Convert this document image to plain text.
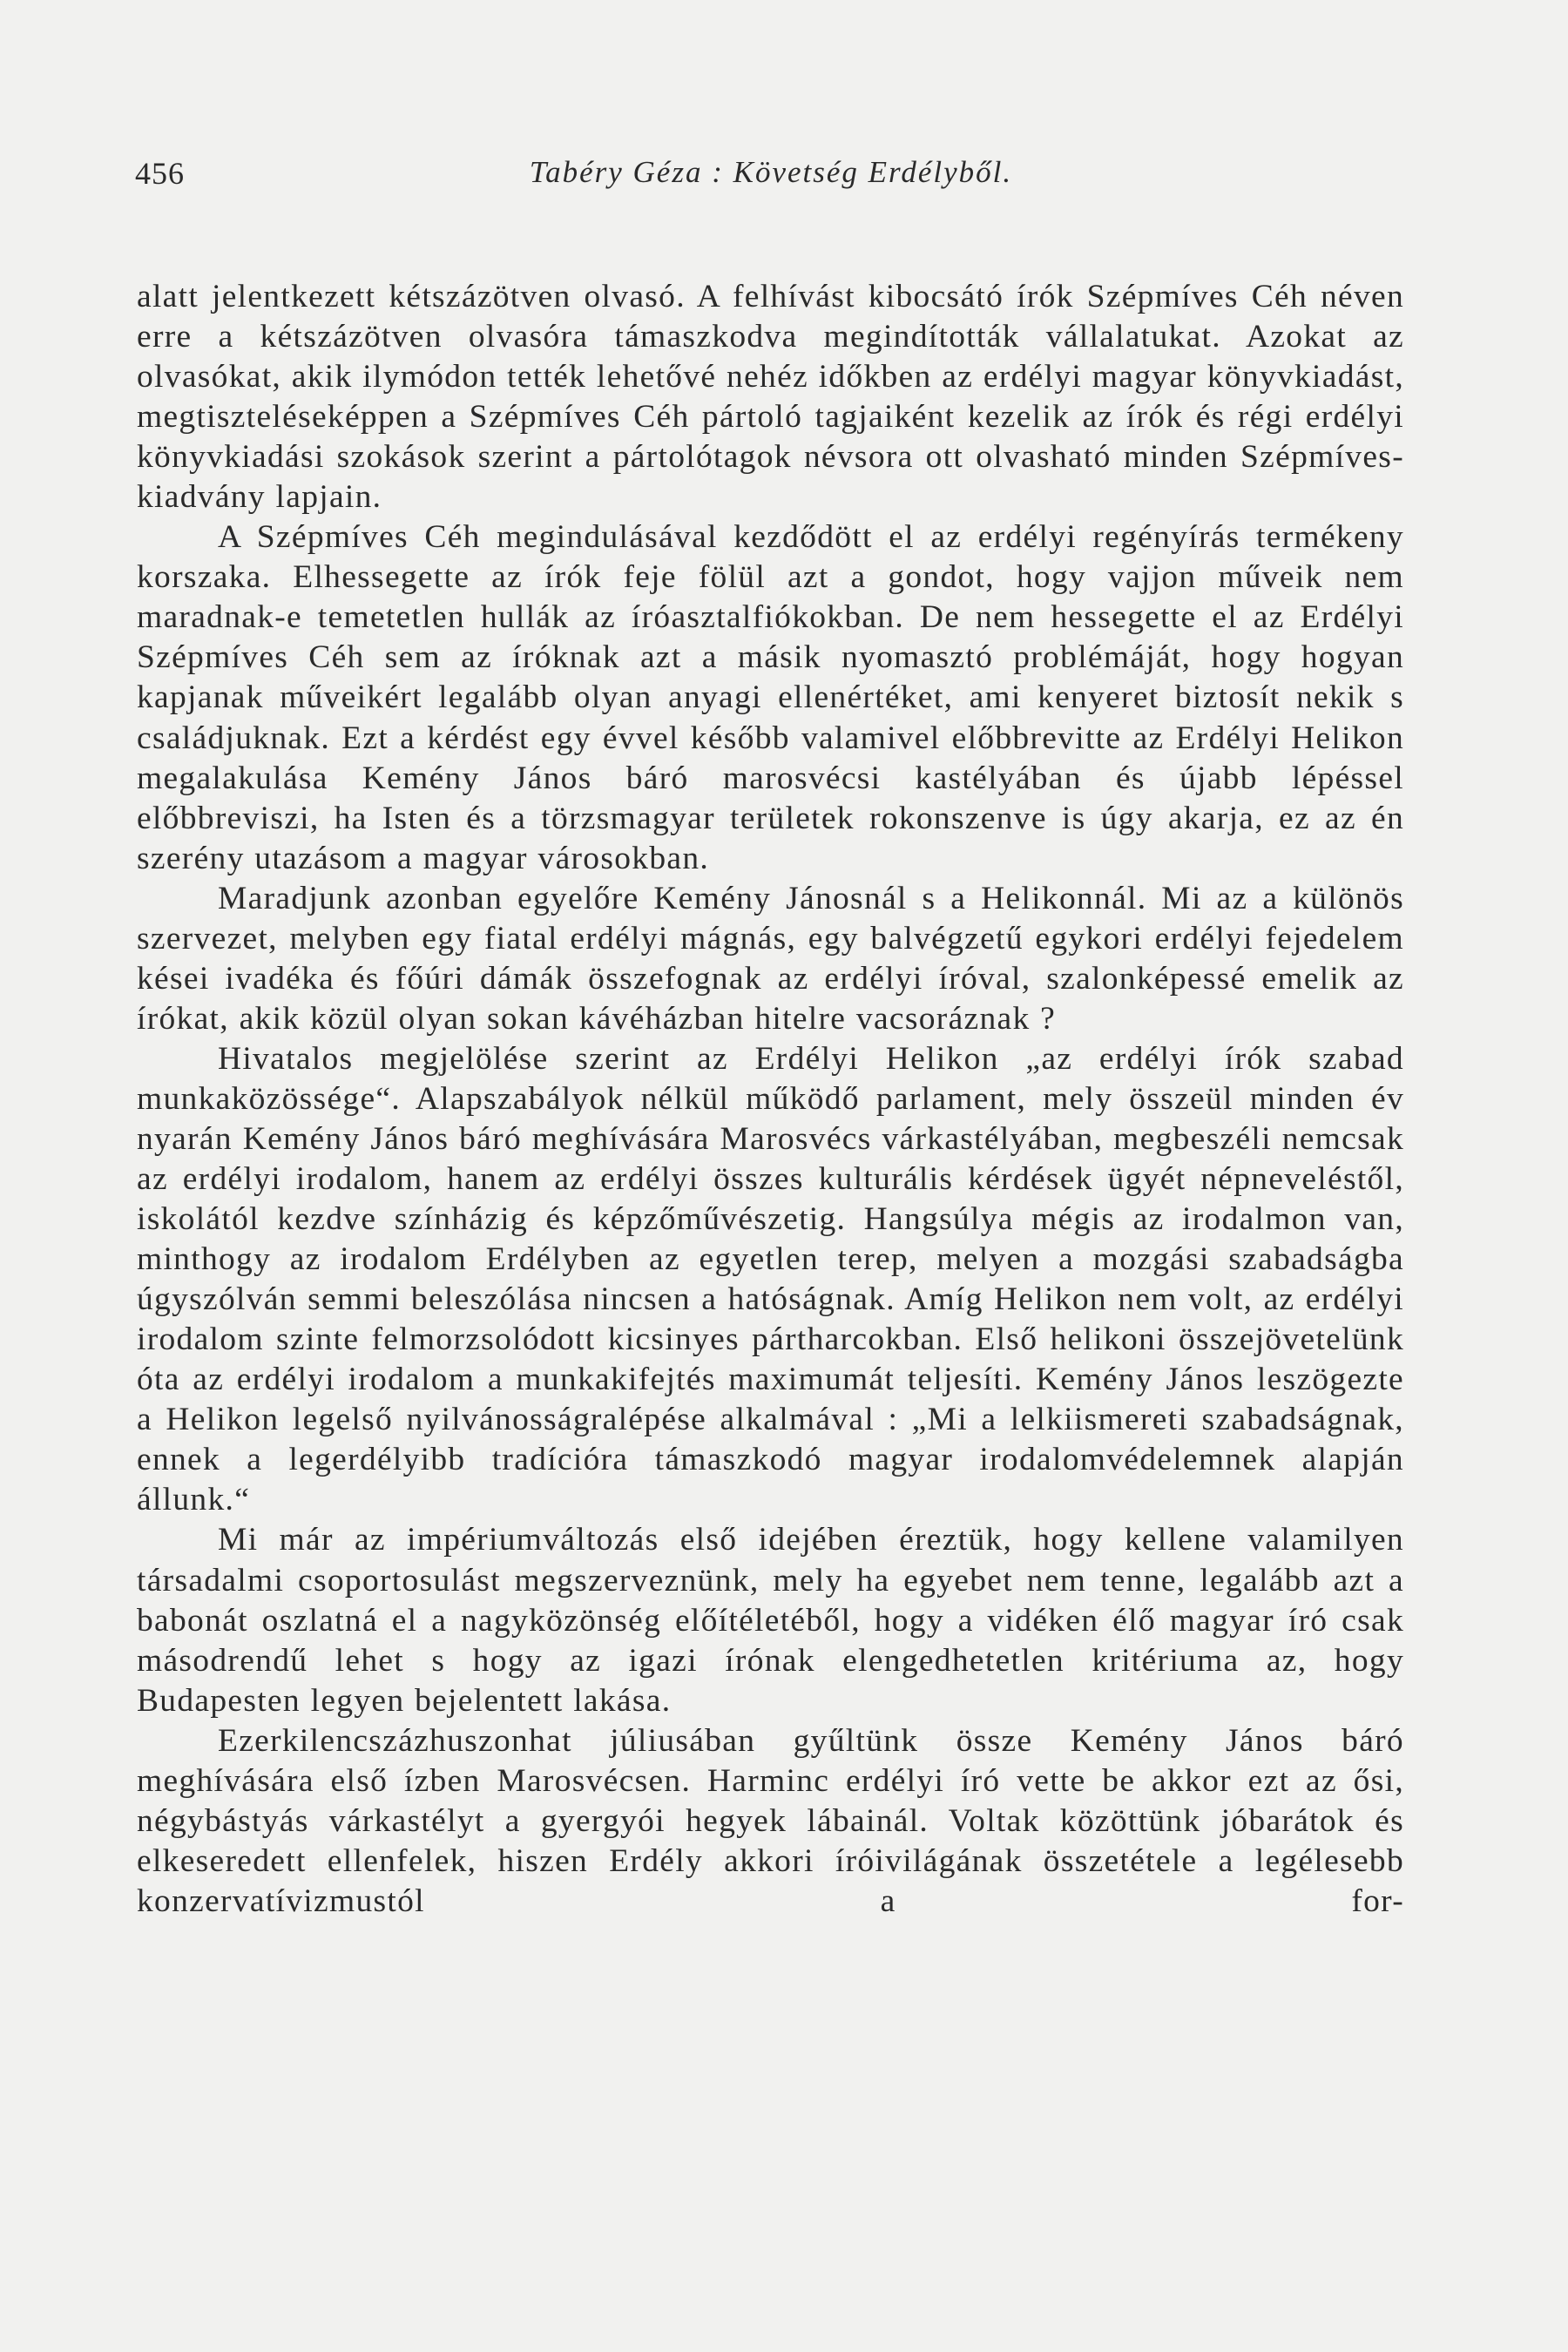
456	Tabéry Géza : Követség Erdélyből.

alatt jelentkezett kétszázötven olvasó. A felhívást kibocsátó írók Szépmíves Céh néven erre a kétszázötven olvasóra támaszkodva megindították vállalatukat. Azokat az olvasókat, akik ilymódon tették lehetővé nehéz időkben az erdélyi magyar könyvkiadást, megtiszteléseképpen a Szépmíves Céh pártoló tagjaiként kezelik az írók és régi erdélyi könyvkiadási szokások szerint a pártolótagok névsora ott olvasható minden Szépmíves-kiadvány lapjain.

A Szépmíves Céh megindulásával kezdődött el az erdélyi regényírás termékeny korszaka. Elhessegette az írók feje fölül azt a gondot, hogy vajjon műveik nem maradnak-e temetetlen hullák az íróasztalfiókokban. De nem hessegette el az Erdélyi Szépmíves Céh sem az íróknak azt a másik nyomasztó problémáját, hogy hogyan kapjanak műveikért legalább olyan anyagi ellenértéket, ami kenyeret biztosít nekik s családjuknak. Ezt a kérdést egy évvel később valamivel előbbrevitte az Erdélyi Helikon megalakulása Kemény János báró marosvécsi kastélyában és újabb lépéssel előbbreviszi, ha Isten és a törzsmagyar területek rokonszenve is úgy akarja, ez az én szerény utazásom a magyar városokban.

Maradjunk azonban egyelőre Kemény Jánosnál s a Helikonnál. Mi az a különös szervezet, melyben egy fiatal erdélyi mágnás, egy balvégzetű egykori erdélyi fejedelem kései ivadéka és főúri dámák összefognak az erdélyi íróval, szalonképessé emelik az írókat, akik közül olyan sokan kávéházban hitelre vacsoráznak ?

Hivatalos megjelölése szerint az Erdélyi Helikon „az erdélyi írók szabad munkaközössége“. Alapszabályok nélkül működő parlament, mely összeül minden év nyarán Kemény János báró meghívására Marosvécs várkastélyában, megbeszéli nemcsak az erdélyi irodalom, hanem az erdélyi összes kulturális kérdések ügyét népneveléstől, iskolától kezdve színházig és képzőművészetig. Hangsúlya mégis az irodalmon van, minthogy az irodalom Erdélyben az egyetlen terep, melyen a mozgási szabadságba úgyszólván semmi beleszólása nincsen a hatóságnak. Amíg Helikon nem volt, az erdélyi irodalom szinte felmorzsolódott kicsinyes pártharcokban. Első helikoni összejövetelünk óta az erdélyi irodalom a munkakifejtés maximumát teljesíti. Kemény János leszögezte a Helikon legelső nyilvánosságralépése alkalmával : „Mi a lelkiismereti szabadságnak, ennek a legerdélyibb tradícióra támaszkodó magyar irodalomvédelemnek alapján állunk.“

Mi már az impériumváltozás első idejében éreztük, hogy kellene valamilyen társadalmi csoportosulást megszerveznünk, mely ha egyebet nem tenne, legalább azt a babonát oszlatná el a nagyközönség előítéletéből, hogy a vidéken élő magyar író csak másodrendű lehet s hogy az igazi írónak elengedhetetlen kritériuma az, hogy Budapesten legyen bejelentett lakása.

Ezerkilencszázhuszonhat júliusában gyűltünk össze Kemény János báró meghívására első ízben Marosvécsen. Harminc erdélyi író vette be akkor ezt az ősi, négybástyás várkastélyt a gyergyói hegyek lábainál. Voltak közöttünk jóbarátok és elkeseredett ellenfelek, hiszen Erdély akkori íróivilágának összetétele a legélesebb konzervatívizmustól a for-
